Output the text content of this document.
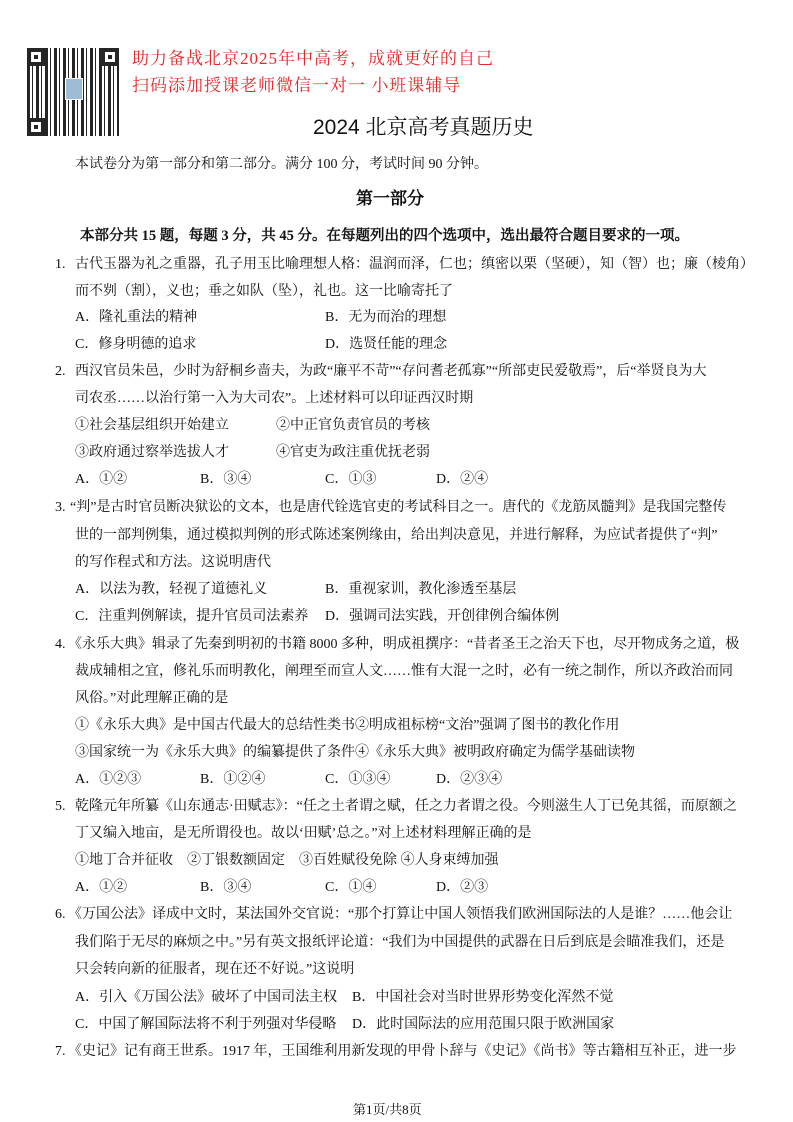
助力备战北京2025年中高考，成就更好的自己
扫码添加授课老师微信一对一 小班课辅导
2024 北京高考真题历史
本试卷分为第一部分和第二部分。满分 100 分，考试时间 90 分钟。
第一部分
本部分共 15 题，每题 3 分，共 45 分。在每题列出的四个选项中，选出最符合题目要求的一项。
1. 古代玉器为礼之重器，孔子用玉比喻理想人格：温润而泽，仁也；缜密以栗（坚硬），知（智）也；廉（棱角）
而不刿（割），义也；垂之如队（坠），礼也。这一比喻寄托了
A．隆礼重法的精神	B．无为而治的理想
C．修身明德的追求	D．选贤任能的理念
2. 西汉官员朱邑，少时为舒桐乡啬夫，为政“廉平不苛”“存问耆老孤寡”“所部吏民爱敬焉”，后“举贤良为大
司农丞……以治行第一入为大司农”。上述材料可以印证西汉时期
①社会基层组织开始建立	②中正官负责官员的考核
③政府通过察举选拔人才	④官吏为政注重优抚老弱
A．①②	B．③④	C．①③	D．②④
3. “判”是古时官员断决狱讼的文本，也是唐代铨选官吏的考试科目之一。唐代的《龙筋凤髓判》是我国完整传
世的一部判例集，通过模拟判例的形式陈述案例缘由，给出判决意见，并进行解释，为应试者提供了“判”
的写作程式和方法。这说明唐代
A．以法为教，轻视了道德礼义	B．重视家训，教化渗透至基层
C．注重判例解读，提升官员司法素养 D．强调司法实践，开创律例合编体例
4. 《永乐大典》辑录了先秦到明初的书籍 8000 多种，明成祖撰序：“昔者圣王之治天下也，尽开物成务之道，极
裁成辅相之宜，修礼乐而明教化，阐理至而宣人文……惟有大混一之时，必有一统之制作，所以齐政治而同
风俗。”对此理解正确的是
①《永乐大典》是中国古代最大的总结性类书②明成祖标榜“文治”强调了图书的教化作用
③国家统一为《永乐大典》的编纂提供了条件④《永乐大典》被明政府确定为儒学基础读物
A．①②③	B．①②④	C．①③④	D．②③④
5. 乾隆元年所纂《山东通志·田赋志》：“任之土者谓之赋，任之力者谓之役。今则滋生人丁已免其徭，而原额之
丁又编入地亩，是无所谓役也。故以‘田赋’总之。”对上述材料理解正确的是
①地丁合并征收　②丁银数额固定　③百姓赋役免除 ④人身束缚加强
A．①②	B．③④	C．①④	D．②③
6. 《万国公法》译成中文时，某法国外交官说：“那个打算让中国人领悟我们欧洲国际法的人是谁？……他会让
我们陷于无尽的麻烦之中。”另有英文报纸评论道：“我们为中国提供的武器在日后到底是会瞄准我们，还是
只会转向新的征服者，现在还不好说。”这说明
A．引入《万国公法》破坏了中国司法主权 B．中国社会对当时世界形势变化浑然不觉
C．中国了解国际法将不利于列强对华侵略 D．此时国际法的应用范围只限于欧洲国家
7. 《史记》记有商王世系。1917 年，王国维利用新发现的甲骨卜辞与《史记》《尚书》等古籍相互补正，进一步
第1页/共8页
